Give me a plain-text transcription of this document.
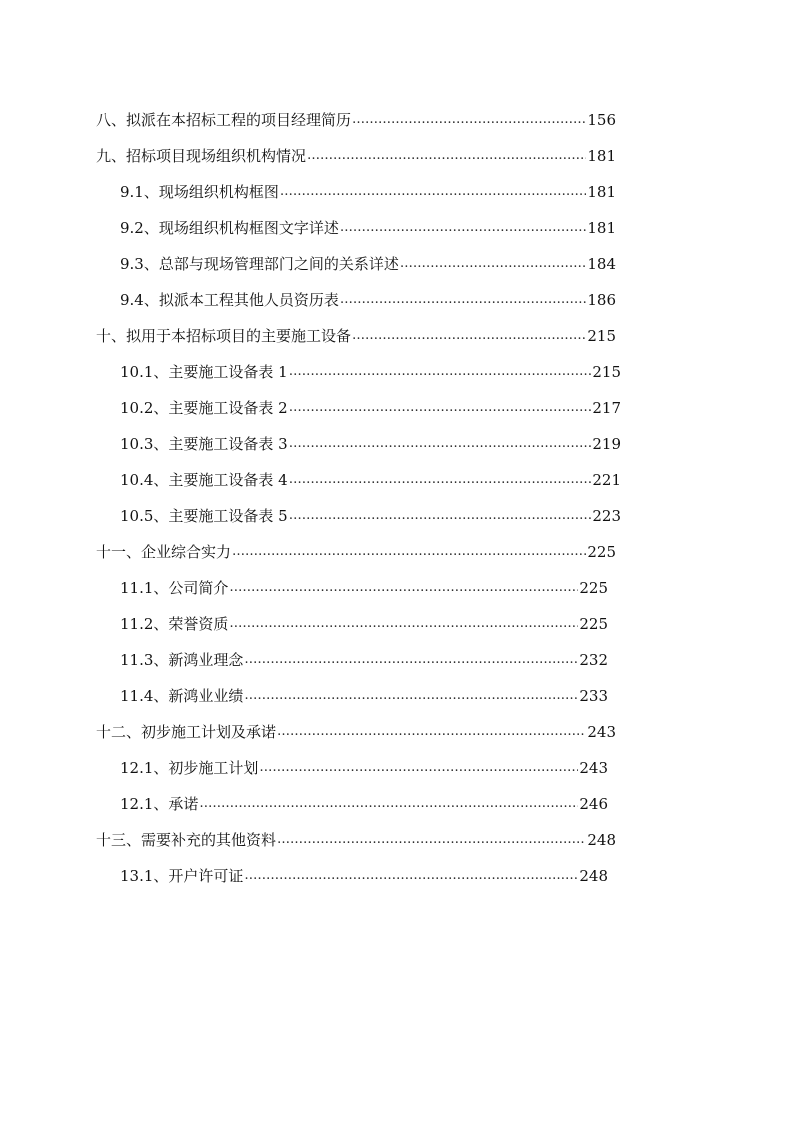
八、拟派在本招标工程的项目经理简历 ……………………………………………………………………………………………………………………………………………………………………………………	156
九、招标项目现场组织机构情况 ……………………………………………………………………………………………………………………………………………………………………………………	181
9.1、现场组织机构框图 ……………………………………………………………………………………………………………………………………………………………………………………	181
9.2、现场组织机构框图文字详述 ……………………………………………………………………………………………………………………………………………………………………………………	181
9.3、总部与现场管理部门之间的关系详述 ……………………………………………………………………………………………………………………………………………………………………………………	184
9.4、拟派本工程其他人员资历表 ……………………………………………………………………………………………………………………………………………………………………………………	186
十、拟用于本招标项目的主要施工设备 ……………………………………………………………………………………………………………………………………………………………………………………	215
10.1、主要施工设备表 1 ……………………………………………………………………………………………………………………………………………………………………………………	215
10.2、主要施工设备表 2 ……………………………………………………………………………………………………………………………………………………………………………………	217
10.3、主要施工设备表 3 ……………………………………………………………………………………………………………………………………………………………………………………	219
10.4、主要施工设备表 4 ……………………………………………………………………………………………………………………………………………………………………………………	221
10.5、主要施工设备表 5 ……………………………………………………………………………………………………………………………………………………………………………………	223
十一、企业综合实力 ……………………………………………………………………………………………………………………………………………………………………………………	225
11.1、公司简介 ……………………………………………………………………………………………………………………………………………………………………………………	225
11.2、荣誉资质 ……………………………………………………………………………………………………………………………………………………………………………………	225
11.3、新鸿业理念 ……………………………………………………………………………………………………………………………………………………………………………………	232
11.4、新鸿业业绩 ……………………………………………………………………………………………………………………………………………………………………………………	233
十二、初步施工计划及承诺 ……………………………………………………………………………………………………………………………………………………………………………………	243
12.1、初步施工计划 ……………………………………………………………………………………………………………………………………………………………………………………	243
12.1、承诺 ……………………………………………………………………………………………………………………………………………………………………………………	246
十三、需要补充的其他资料 ……………………………………………………………………………………………………………………………………………………………………………………	248
13.1、开户许可证 ……………………………………………………………………………………………………………………………………………………………………………………	248
